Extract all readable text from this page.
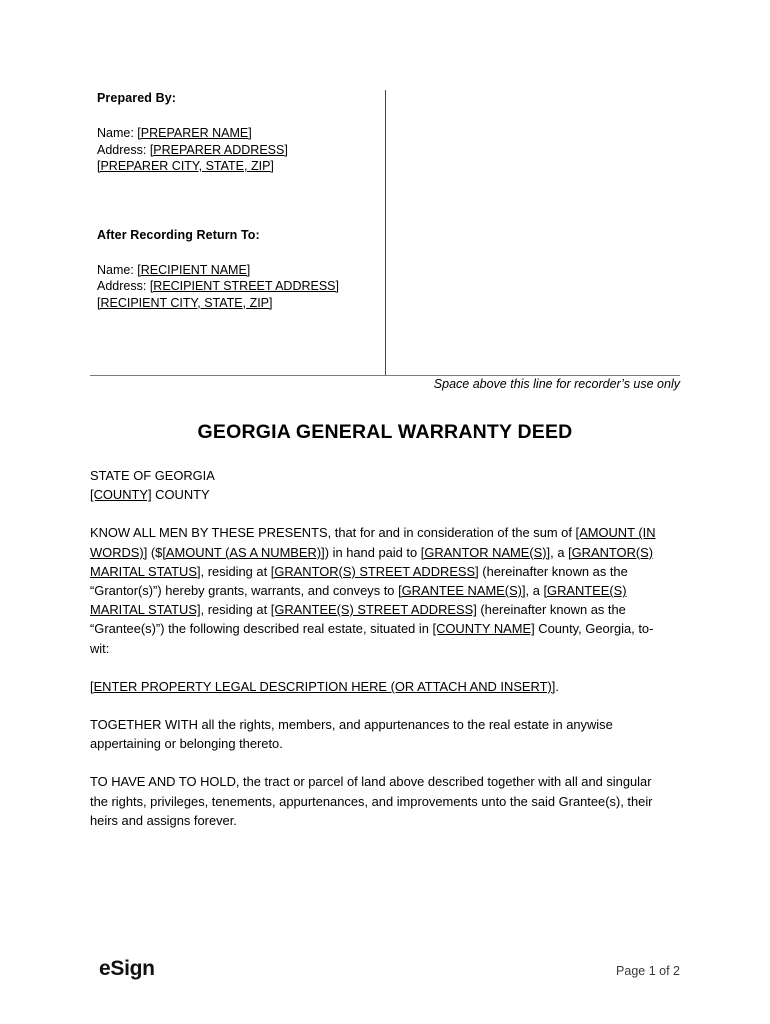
Prepared By:
Name: [PREPARER NAME]
Address: [PREPARER ADDRESS]
[PREPARER CITY, STATE, ZIP]
After Recording Return To:
Name: [RECIPIENT NAME]
Address: [RECIPIENT STREET ADDRESS]
[RECIPIENT CITY, STATE, ZIP]
Space above this line for recorder’s use only
GEORGIA GENERAL WARRANTY DEED
STATE OF GEORGIA
[COUNTY] COUNTY

KNOW ALL MEN BY THESE PRESENTS, that for and in consideration of the sum of [AMOUNT (IN WORDS)] ($[AMOUNT (AS A NUMBER)]) in hand paid to [GRANTOR NAME(S)], a [GRANTOR(S) MARITAL STATUS], residing at [GRANTOR(S) STREET ADDRESS] (hereinafter known as the “Grantor(s)”) hereby grants, warrants, and conveys to [GRANTEE NAME(S)], a [GRANTEE(S) MARITAL STATUS], residing at [GRANTEE(S) STREET ADDRESS] (hereinafter known as the “Grantee(s)”) the following described real estate, situated in [COUNTY NAME] County, Georgia, to-wit:

[ENTER PROPERTY LEGAL DESCRIPTION HERE (OR ATTACH AND INSERT)].

TOGETHER WITH all the rights, members, and appurtenances to the real estate in anywise appertaining or belonging thereto.

TO HAVE AND TO HOLD, the tract or parcel of land above described together with all and singular the rights, privileges, tenements, appurtenances, and improvements unto the said Grantee(s), their heirs and assigns forever.

eSign	Page 1 of 2
